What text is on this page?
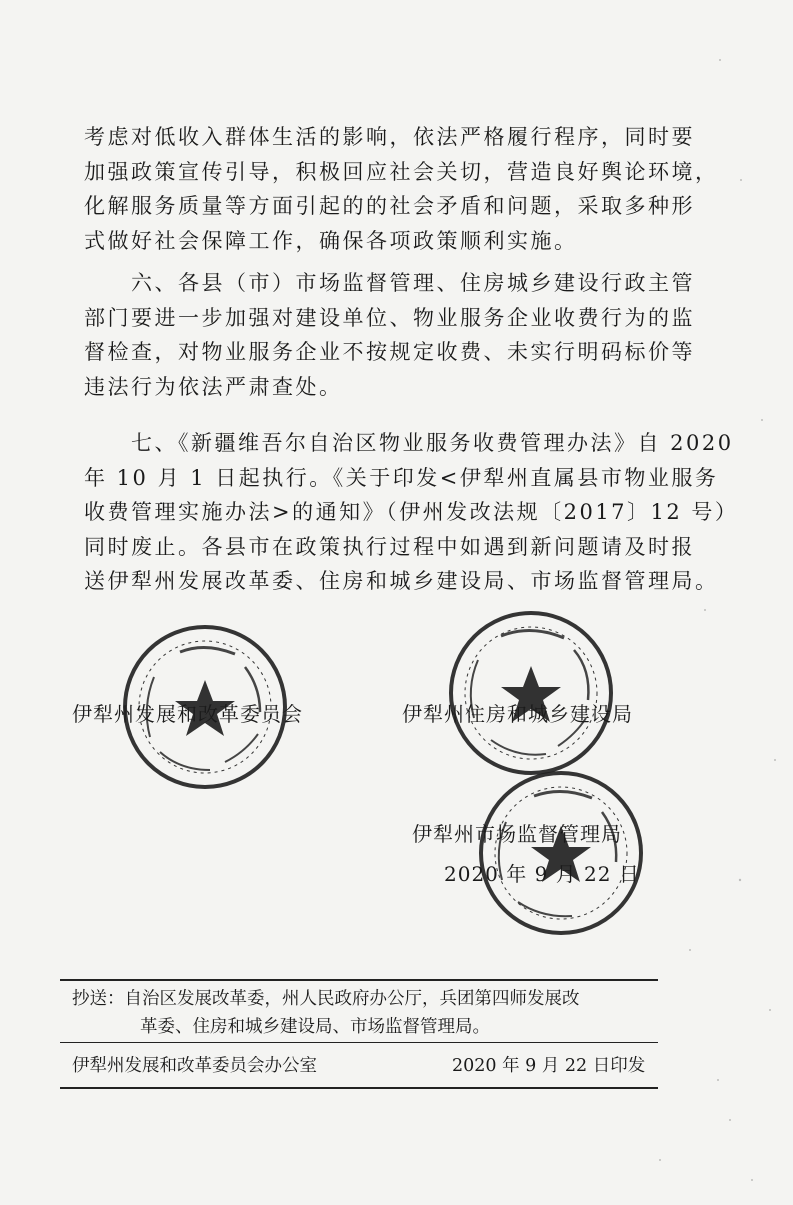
考虑对低收入群体生活的影响，依法严格履行程序，同时要
加强政策宣传引导，积极回应社会关切，营造良好舆论环境，
化解服务质量等方面引起的的社会矛盾和问题，采取多种形
式做好社会保障工作，确保各项政策顺利实施。
　　六、各县（市）市场监督管理、住房城乡建设行政主管
部门要进一步加强对建设单位、物业服务企业收费行为的监
督检查，对物业服务企业不按规定收费、未实行明码标价等
违法行为依法严肃查处。
　　七、《新疆维吾尔自治区物业服务收费管理办法》自 2020
年 10 月 1 日起执行。《关于印发<伊犁州直属县市物业服务
收费管理实施办法>的通知》（伊州发改法规〔2017〕12 号）
同时废止。各县市在政策执行过程中如遇到新问题请及时报
送伊犁州发展改革委、住房和城乡建设局、市场监督管理局。
伊犁州发展和改革委员会	伊犁州住房和城乡建设局
伊犁州市场监督管理局
2020 年 9 月 22 日
抄送：自治区发展改革委，州人民政府办公厅，兵团第四师发展改
革委、住房和城乡建设局、市场监督管理局。
伊犁州发展和改革委员会办公室	2020 年 9 月 22 日印发
